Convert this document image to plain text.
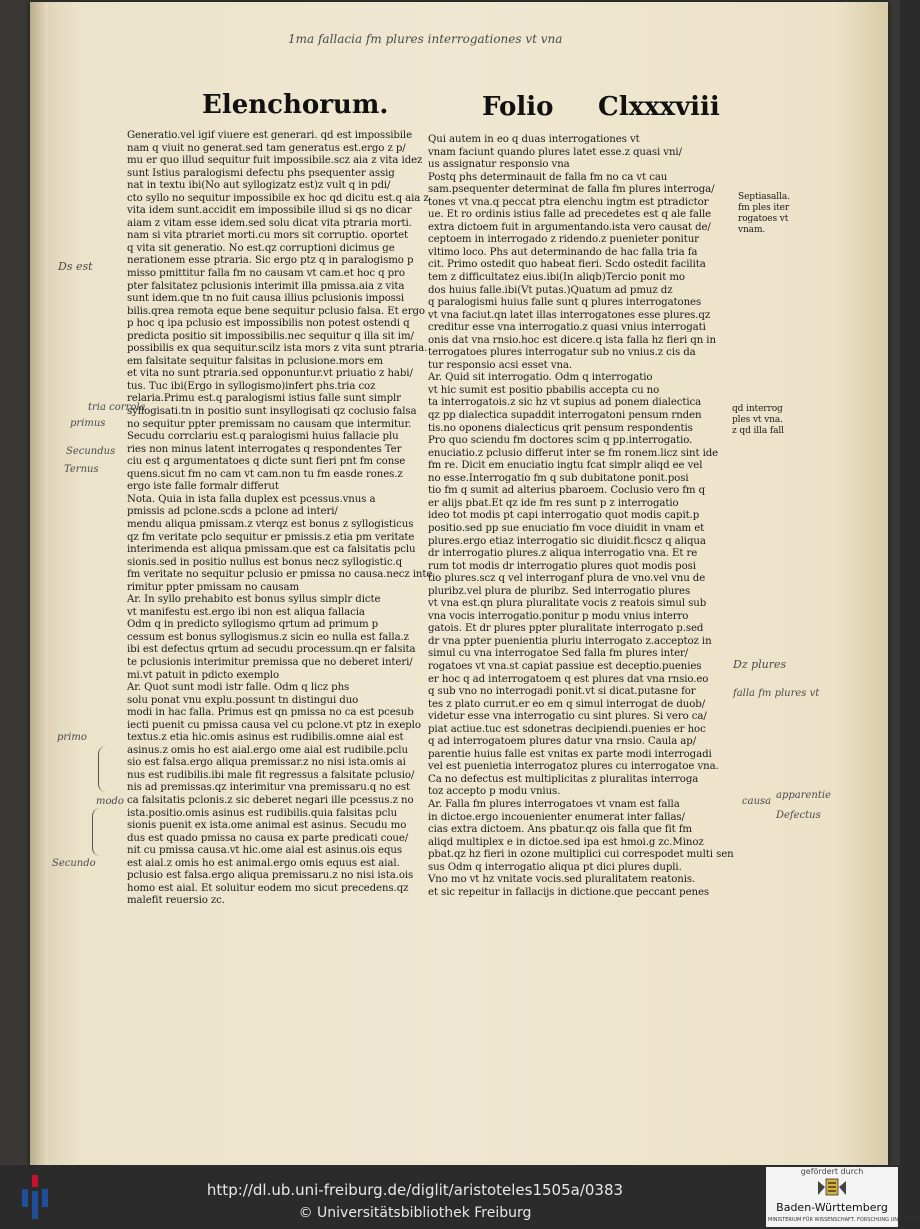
1ma fallacia fm plures interrogationes vt vna
Elenchorum.	Folio Clxxxviii
Generatio.vel igif viuere est generari. qd est impossibile
nam q viuit no generat.sed tam generatus est.ergo z p/
mu er quo illud sequitur fuit impossibile.scz aia z vita idez
sunt Istius paralogismi defectu phs psequenter assig
nat in textu ibi(No aut syllogizatz est)z vult q in pdi/
cto syllo no sequitur impossibile ex hoc qd dicitu est.q aia z
vita idem sunt.accidit em impossibile illud si qs no dicar
aiam z vitam esse idem.sed solu dicat vita ptraria morti.
nam si vita ptrariet morti.cu mors sit corruptio. oportet
q vita sit generatio. No est.qz corruptioni dicimus ge
nerationem esse ptraria. Sic ergo ptz q in paralogismo p
misso pmittitur falla fm no causam vt cam.et hoc q pro
pter falsitatez pclusionis interimit illa pmissa.aia z vita
sunt idem.que tn no fuit causa illius pclusionis impossi
bilis.qrea remota eque bene sequitur pclusio falsa. Et ergo
p hoc q ipa pclusio est impossibilis non potest ostendi q
predicta positio sit impossibilis.nec sequitur q illa sit im/
possibilis ex qua sequitur.scilz ista mors z vita sunt ptraria.
em falsitate sequitur falsitas in pclusione.mors em
et vita no sunt ptraria.sed opponuntur.vt priuatio z habi/
tus. Tuc ibi(Ergo in syllogismo)infert phs.tria coz
relaria.Primu est.q paralogismi istius falle sunt simplr
syllogisati.tn in positio sunt insyllogisati qz coclusio falsa
no sequitur ppter premissam no causam que intermitur.
Secudu corrclariu est.q paralogismi huius fallacie plu
ries non minus latent interrogates q respondentes Ter
ciu est q argumentatoes q dicte sunt fieri pnt fm conse
quens.sicut fm no cam vt cam.non tu fm easde rones.z
ergo iste falle formalr differut
Nota. Quia in ista falla duplex est pcessus.vnus a
pmissis ad pclone.scds a pclone ad interi/
mendu aliqua pmissam.z vterqz est bonus z syllogisticus
qz fm veritate pclo sequitur er pmissis.z etia pm veritate
interimenda est aliqua pmissam.que est ca falsitatis pclu
sionis.sed in positio nullus est bonus necz syllogistic.q
fm veritate no sequitur pclusio er pmissa no causa.necz inte
rimitur ppter pmissam no causam
Ar. In syllo prehabito est bonus syllus simplr dicte
vt manifestu est.ergo ibi non est aliqua fallacia
Odm q in predicto syllogismo qrtum ad primum p
cessum est bonus syllogismus.z sicin eo nulla est falla.z
ibi est defectus qrtum ad secudu processum.qn er falsita
te pclusionis interimitur premissa que no deberet interi/
mi.vt patuit in pdicto exemplo
Ar. Quot sunt modi istr falle. Odm q licz phs
solu ponat vnu explu.possunt tn distingui duo
modi in hac falla. Primus est qn pmissa no ca est pcesub
iecti puenit cu pmissa causa vel cu pclone.vt ptz in exeplo
textus.z etia hic.omis asinus est rudibilis.omne aial est
asinus.z omis ho est aial.ergo ome aial est rudibile.pclu
sio est falsa.ergo aliqua premissar.z no nisi ista.omis ai
nus est rudibilis.ibi male fit regressus a falsitate pclusio/
nis ad premissas.qz interimitur vna premissaru.q no est
ca falsitatis pclonis.z sic deberet negari ille pcessus.z no
ista.positio.omis asinus est rudibilis.quia falsitas pclu
sionis puenit ex ista.ome animal est asinus. Secudu mo
dus est quado pmissa no causa ex parte predicati coue/
nit cu pmissa causa.vt hic.ome aial est asinus.ois equs
est aial.z omis ho est animal.ergo omis equus est aial.
pclusio est falsa.ergo aliqua premissaru.z no nisi ista.ois
homo est aial. Et soluitur eodem mo sicut precedens.qz
malefit reuersio zc.
Qui autem in eo q duas interrogationes vt
vnam faciunt quando plures latet esse.z quasi vni/
us assignatur responsio vna
Postq phs determinauit de falla fm no ca vt cau
sam.psequenter determinat de falla fm plures interroga/
tones vt vna.q peccat ptra elenchu ingtm est ptradictor
ue. Et ro ordinis istius falle ad precedetes est q ale falle
extra dictoem fuit in argumentando.ista vero causat de/
ceptoem in interrogado z ridendo.z puenieter ponitur
vltimo loco. Phs aut determinando de hac falla tria fa
cit. Primo ostedit quo habeat fieri. Scdo ostedit facilita
tem z difficultatez eius.ibi(In aliqb)Tercio ponit mo
dos huius falle.ibi(Vt putas.)Quatum ad pmuz dz
q paralogismi huius falle sunt q plures interrogatones
vt vna faciut.qn latet illas interrogatones esse plures.qz
creditur esse vna interrogatio.z quasi vnius interrogati
onis dat vna rnsio.hoc est dicere.q ista falla hz fieri qn in
terrogatoes plures interrogatur sub no vnius.z cis da
tur responsio acsi esset vna.
Ar. Quid sit interrogatio. Odm q interrogatio
vt hic sumit est positio pbabilis accepta cu no
ta interrogatois.z sic hz vt supius ad ponem dialectica
qz pp dialectica supaddit interrogatoni pensum rnden
tis.no oponens dialecticus qrit pensum respondentis
Pro quo sciendu fm doctores scim q pp.interrogatio.
enuciatio.z pclusio differut inter se fm ronem.licz sint ide
fm re. Dicit em enuciatio ingtu fcat simplr aliqd ee vel
no esse.Interrogatio fm q sub dubitatone ponit.posi
tio fm q sumit ad alterius pbaroem. Coclusio vero fm q
er alijs pbat.Et qz ide fm res sunt p z interrogatio
ideo tot modis pt capi interrogatio quot modis capit.p
positio.sed pp sue enuciatio fm voce diuidit in vnam et
plures.ergo etiaz interrogatio sic diuidit.ficscz q aliqua
dr interrogatio plures.z aliqua interrogatio vna. Et re
rum tot modis dr interrogatio plures quot modis posi
tio plures.scz q vel interroganf plura de vno.vel vnu de
pluribz.vel plura de pluribz. Sed interrogatio plures
vt vna est.qn plura pluralitate vocis z reatois simul sub
vna vocis interrogatio.ponitur p modu vnius interro
gatois. Et dr plures ppter pluralitate interrogato p.sed
dr vna ppter puenientia pluriu interrogato z.acceptoz in
simul cu vna interrogatoe Sed falla fm plures inter/
rogatoes vt vna.st capiat passiue est deceptio.puenies
er hoc q ad interrogatoem q est plures dat vna rnsio.eo
q sub vno no interrogadi ponit.vt si dicat.putasne for
tes z plato currut.er eo em q simul interrogat de duob/
videtur esse vna interrogatio cu sint plures. Si vero ca/
piat actiue.tuc est sdonetras decipiendi.puenies er hoc
q ad interrogatoem plures datur vna rnsio. Caula ap/
parentie huius falle est vnitas ex parte modi interrogadi
vel est puenietia interrogatoz plures cu interrogatoe vna.
Ca no defectus est multiplicitas z pluralitas interroga
toz accepto p modu vnius.
Ar. Falla fm plures interrogatoes vt vnam est falla
in dictoe.ergo incouenienter enumerat inter fallas/
cias extra dictoem. Ans pbatur.qz ois falla que fit fm
aliqd multiplex e in dictoe.sed ipa est hmoi.g zc.Minoz
pbat.qz hz fieri in ozone multiplici cui correspodet multi sen
sus Odm q interrogatio aliqua pt dici plures dupli.
Vno mo vt hz vnitate vocis.sed pluralitatem reatonis.
et sic repeitur in fallacijs in dictione.que peccant penes
Septiasalla.
fm ples iter
rogatoes vt
vnam.
qd interrog
ples vt vna.
z qd illa fall
Ds est
tria corrola
primus
Secundus
Ternus
primo
modo
Secundo
Dz plures
falla fm plures vt
causa
apparentie
Defectus
http://dl.ub.uni-freiburg.de/diglit/aristoteles1505a/0383
© Universitätsbibliothek Freiburg
gefördert durch
Baden-Württemberg
MINISTERIUM FÜR WISSENSCHAFT, FORSCHUNG UND KUNST
